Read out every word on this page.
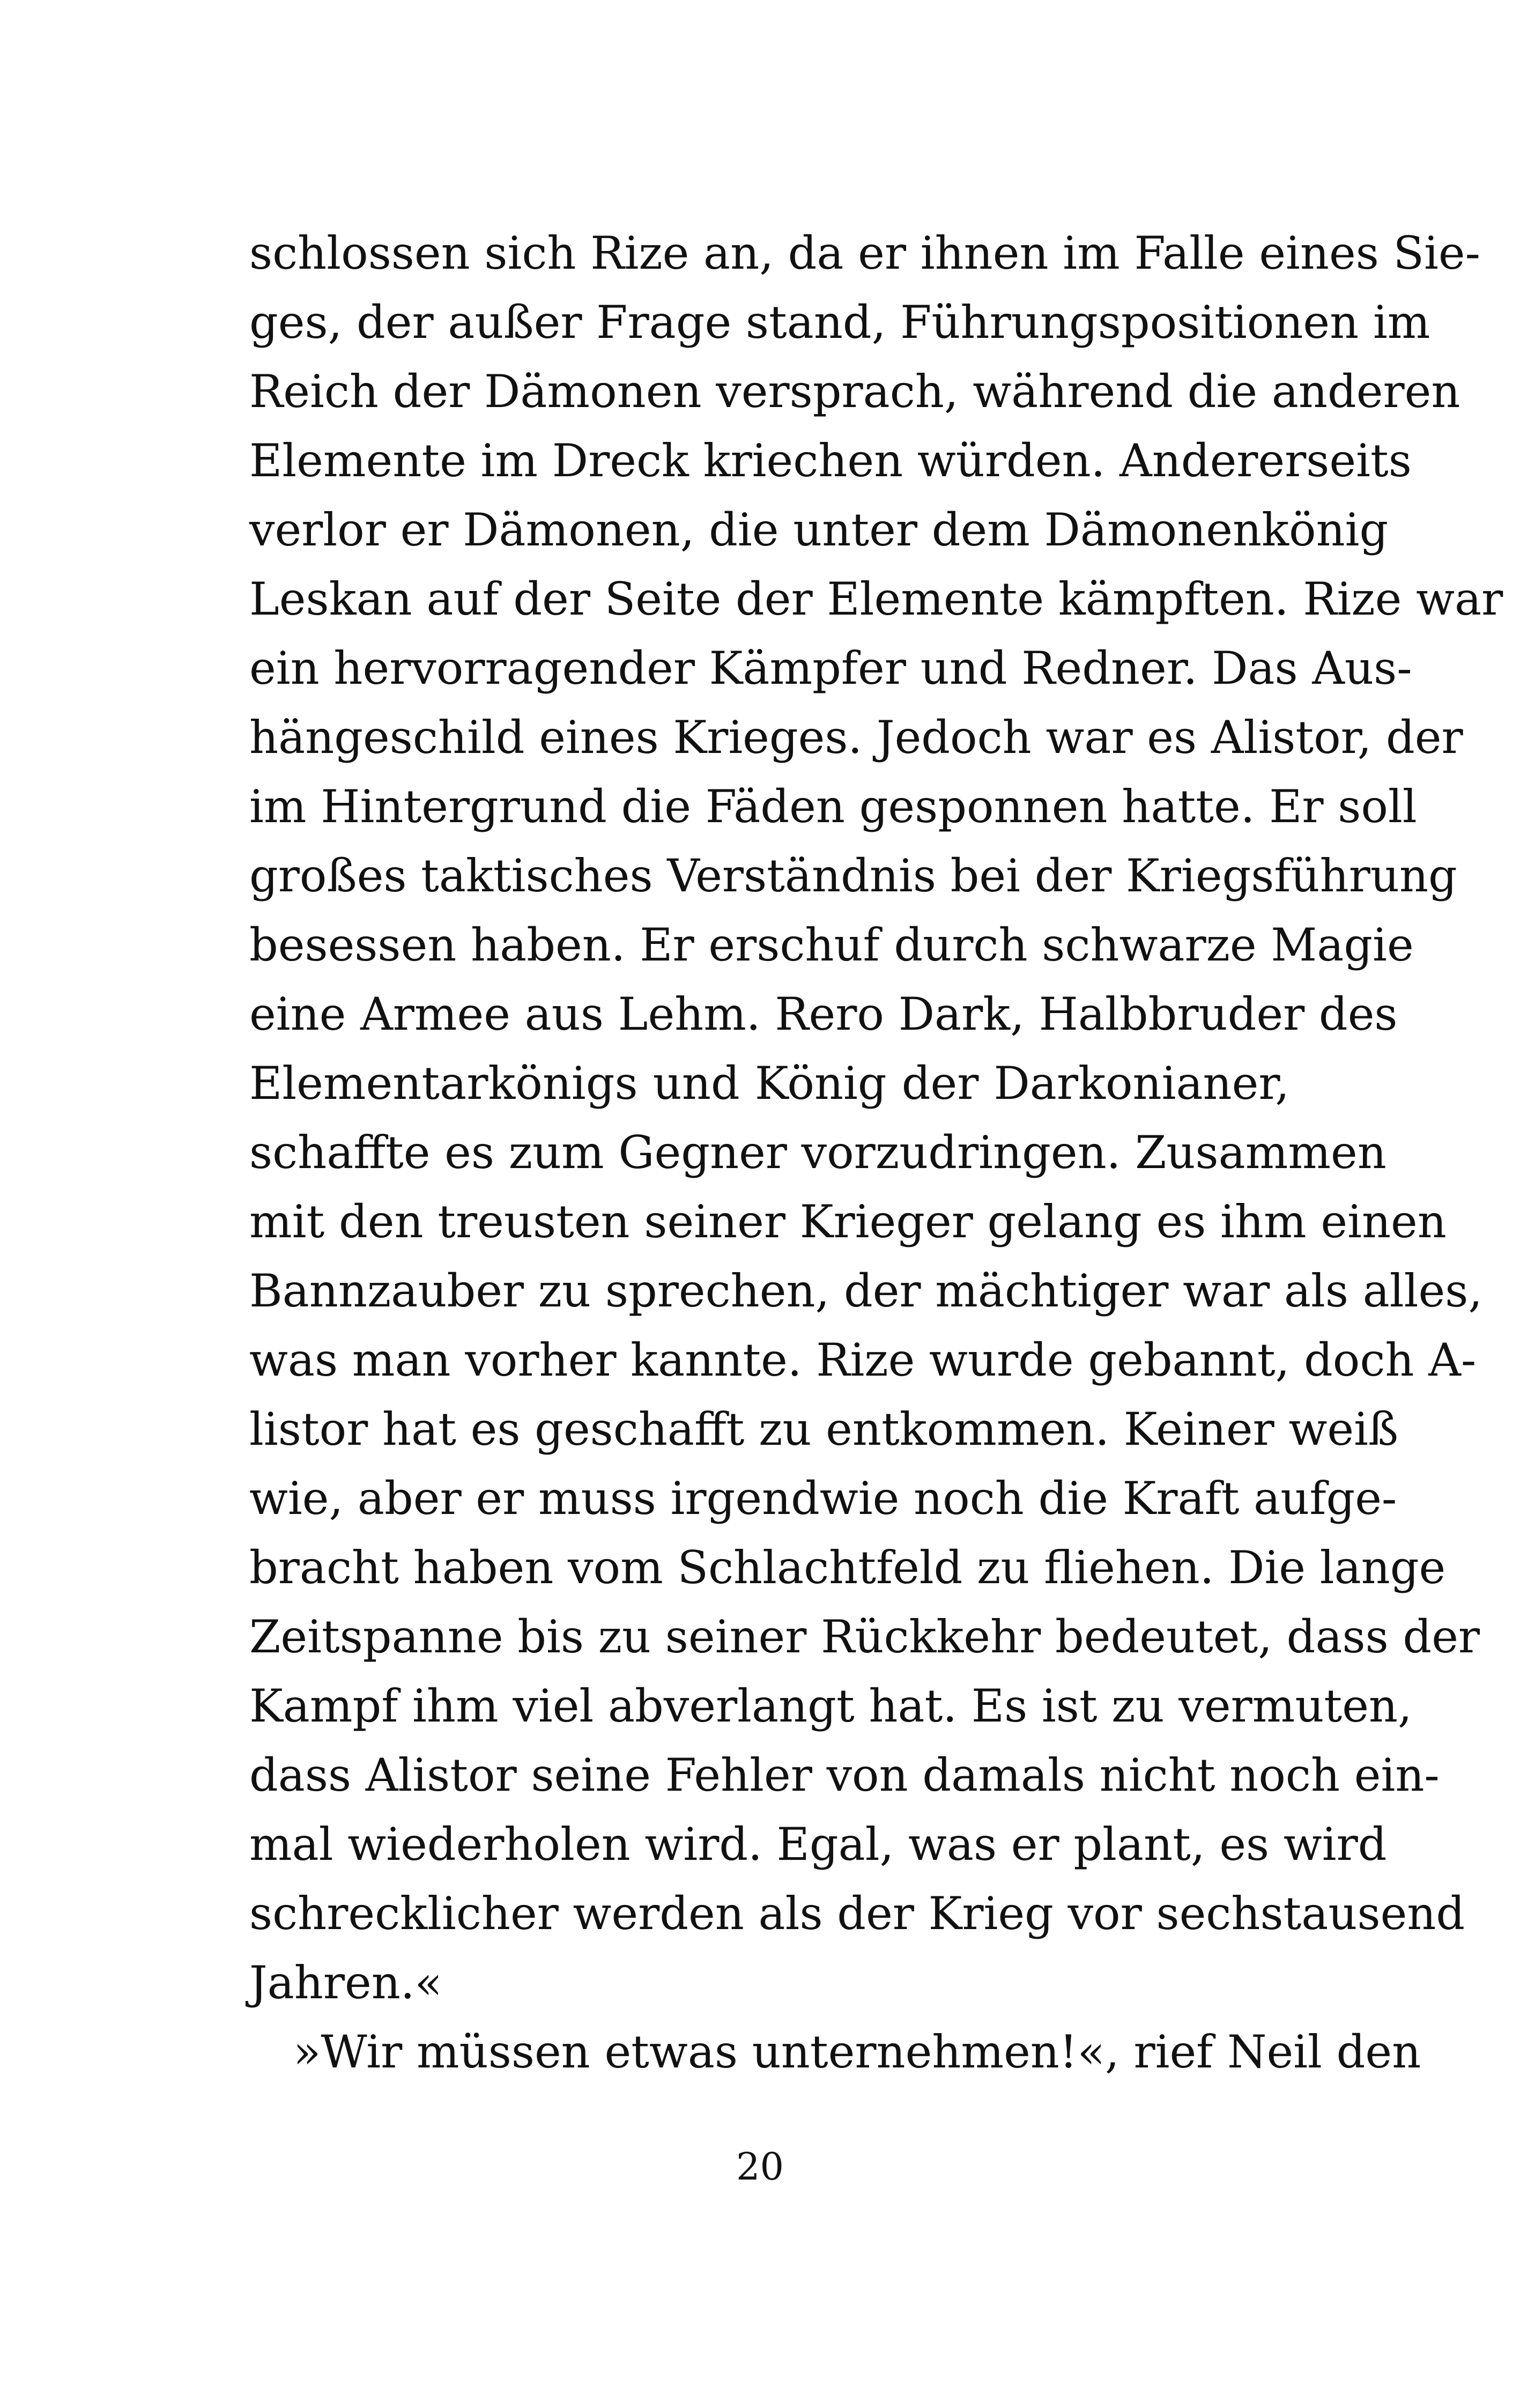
schlossen sich Rize an, da er ihnen im Falle eines Sie-
ges, der außer Frage stand, Führungspositionen im
Reich der Dämonen versprach, während die anderen
Elemente im Dreck kriechen würden. Andererseits
verlor er Dämonen, die unter dem Dämonenkönig
Leskan auf der Seite der Elemente kämpften. Rize war
ein hervorragender Kämpfer und Redner. Das Aus-
hängeschild eines Krieges. Jedoch war es Alistor, der
im Hintergrund die Fäden gesponnen hatte. Er soll
großes taktisches Verständnis bei der Kriegsführung
besessen haben. Er erschuf durch schwarze Magie
eine Armee aus Lehm. Rero Dark, Halbbruder des
Elementarkönigs und König der Darkonianer,
schaffte es zum Gegner vorzudringen. Zusammen
mit den treusten seiner Krieger gelang es ihm einen
Bannzauber zu sprechen, der mächtiger war als alles,
was man vorher kannte. Rize wurde gebannt, doch A-
listor hat es geschafft zu entkommen. Keiner weiß
wie, aber er muss irgendwie noch die Kraft aufge-
bracht haben vom Schlachtfeld zu fliehen. Die lange
Zeitspanne bis zu seiner Rückkehr bedeutet, dass der
Kampf ihm viel abverlangt hat. Es ist zu vermuten,
dass Alistor seine Fehler von damals nicht noch ein-
mal wiederholen wird. Egal, was er plant, es wird
schrecklicher werden als der Krieg vor sechstausend
Jahren.«
»Wir müssen etwas unternehmen!«, rief Neil den
20
